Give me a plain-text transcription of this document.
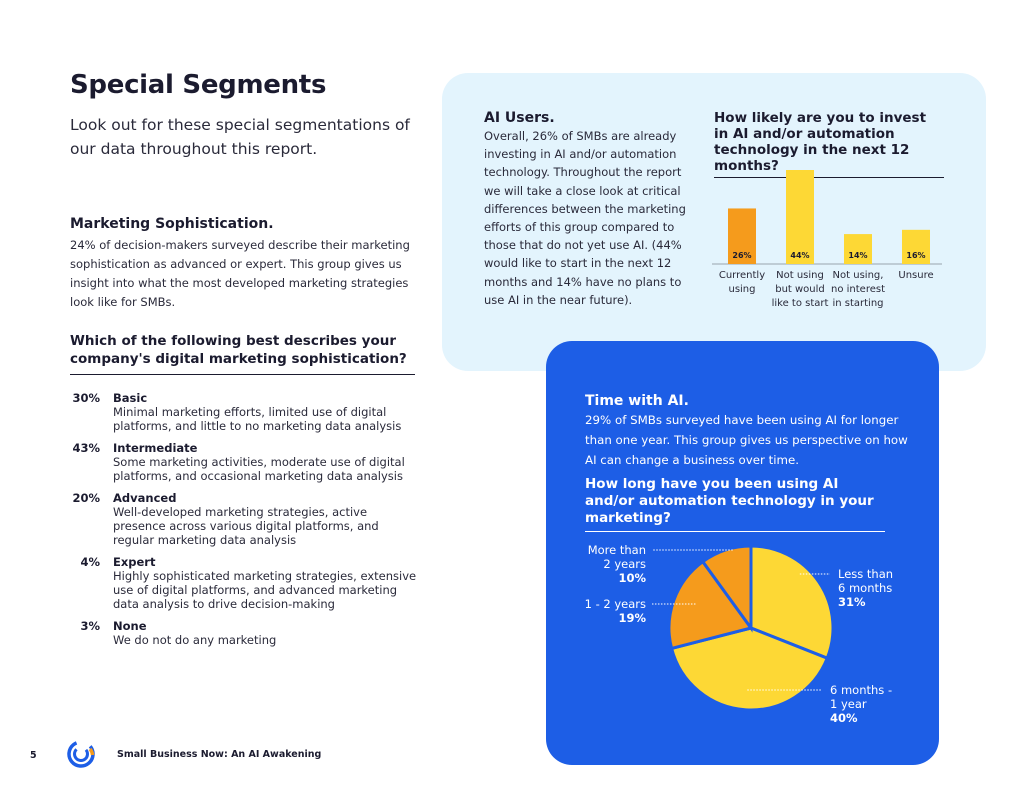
Special Segments
Look out for these special segmentations of our data throughout this report.
Marketing Sophistication.
24% of decision-makers surveyed describe their marketing sophistication as advanced or expert. This group gives us insight into what the most developed marketing strategies look like for SMBs.
Which of the following best describes your company's digital marketing sophistication?
30%	Basic
Minimal marketing efforts, limited use of digital platforms, and little to no marketing data analysis
43%	Intermediate
Some marketing activities, moderate use of digital platforms, and occasional marketing data analysis
20%	Advanced
Well-developed marketing strategies, active presence across various digital platforms, and regular marketing data analysis
4%	Expert
Highly sophisticated marketing strategies, extensive use of digital platforms, and advanced marketing data analysis to drive decision-making
3%	None
We do not do any marketing
AI Users.
Overall, 26% of SMBs are already investing in AI and/or automation technology. Throughout the report we will take a close look at critical differences between the marketing efforts of this group compared to those that do not yet use AI. (44% would like to start in the next 12 months and 14% have no plans to use AI in the near future).
How likely are you to invest in AI and/or automation technology in the next 12 months?
26%
Currently
using
44%
Not using
but would
like to start
14%
Not using,
no interest
in starting
16%
Unsure
Time with AI.
29% of SMBs surveyed have been using AI for longer than one year. This group gives us perspective on how AI can change a business over time.
How long have you been using AI and/or automation technology in your marketing?
Less than
6 months
31%
6 months -
1 year
40%
1 - 2 years
19%
More than
2 years
10%
5	Small Business Now: An AI Awakening
